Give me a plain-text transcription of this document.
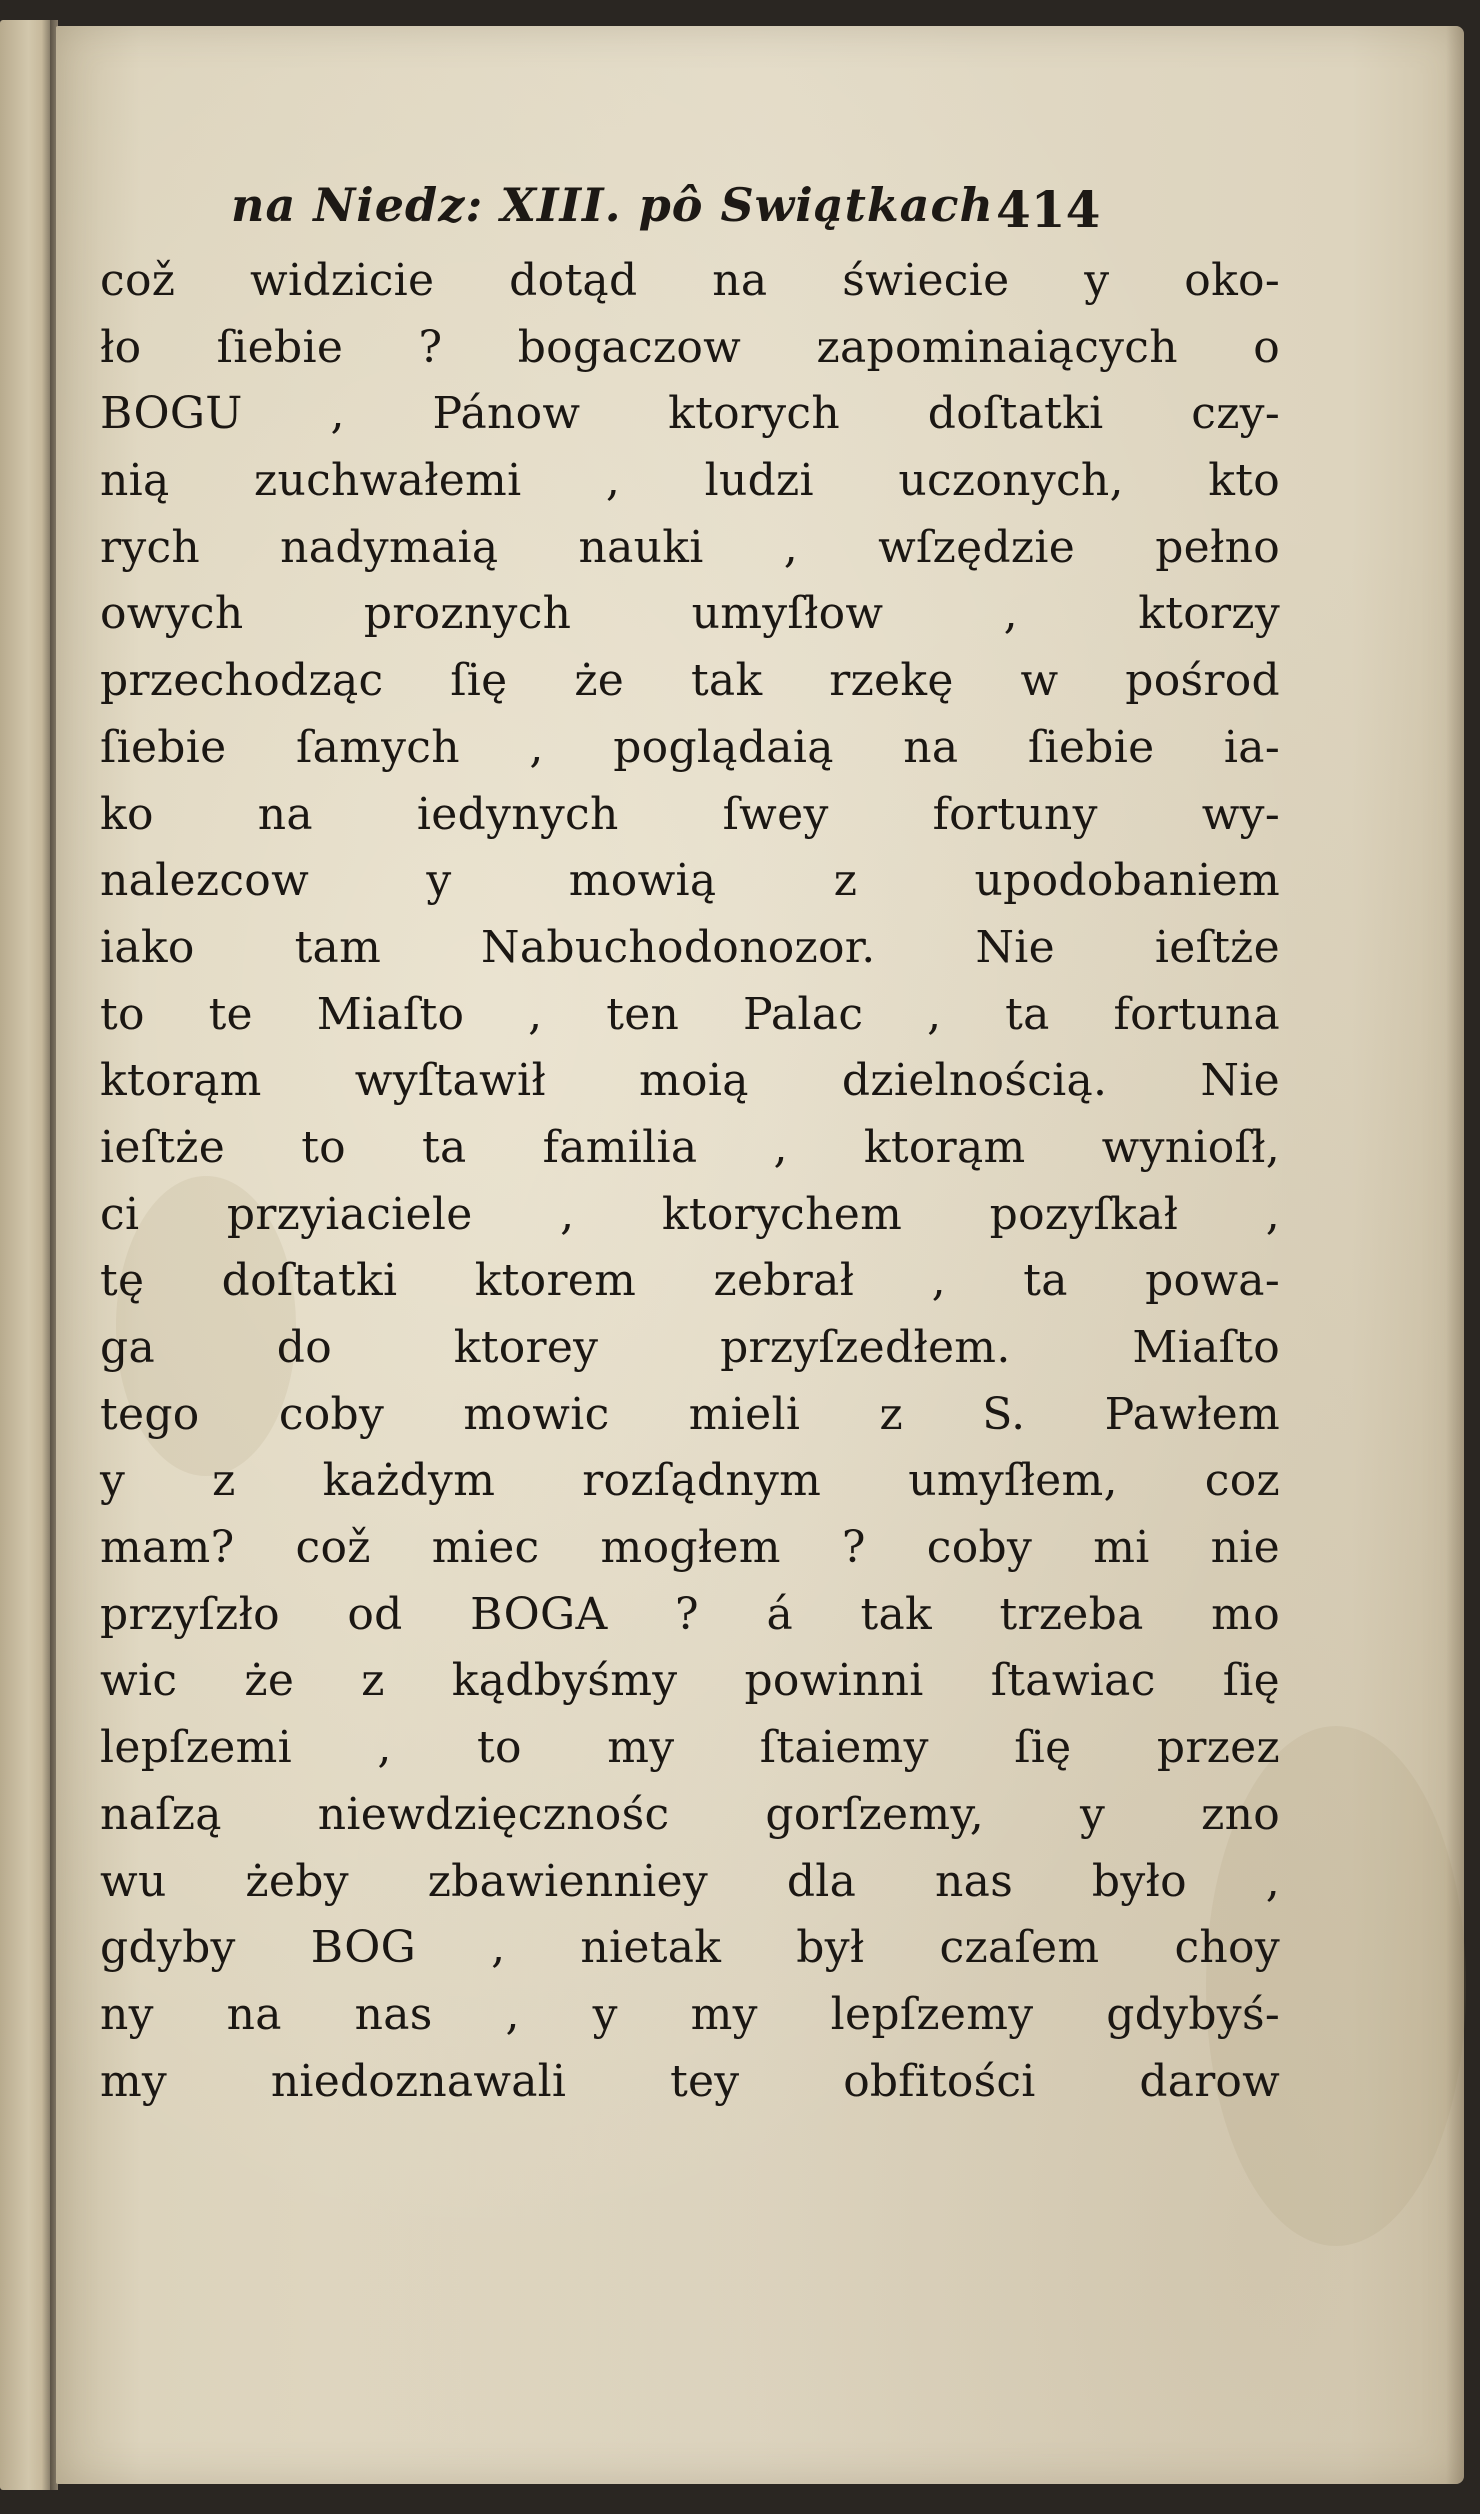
na Niedz: XIII. pô Swiątkach 414
což widzicie dotąd na świecie y oko-
ło ſiebie ? bogaczow zapominaiących o
BOGU , Pánow ktorych doſtatki czy-
nią zuchwałemi , ludzi uczonych, kto
rych nadymaią nauki , wſzędzie pełno
owych proznych umyſłow , ktorzy
przechodząc ſię że tak rzekę w pośrod
ſiebie ſamych , poglądaią na ſiebie ia-
ko na iedynych ſwey fortuny wy-
nalezcow y mowią z upodobaniem
iako tam Nabuchodonozor. Nie ieſtże
to te Miaſto , ten Palac , ta fortuna
ktorąm wyſtawił moią dzielnością. Nie
ieſtże to ta familia , ktorąm wynioſł,
ci przyiaciele , ktorychem pozyſkał ,
tę doſtatki ktorem zebrał , ta powa-
ga do ktorey przyſzedłem. Miaſto
tego coby mowic mieli z S. Pawłem
y z każdym rozſądnym umyſłem, coz
mam? což miec mogłem ? coby mi nie
przyſzło od BOGA ? á tak trzeba mo
wic że z kądbyśmy powinni ſtawiac ſię
lepſzemi , to my ſtaiemy ſię przez
naſzą niewdzięcznośc gorſzemy, y zno
wu żeby zbawienniey dla nas było ,
gdyby BOG , nietak był czaſem choy
ny na nas , y my lepſzemy gdybyś-
my niedoznawali tey obfitości darow
